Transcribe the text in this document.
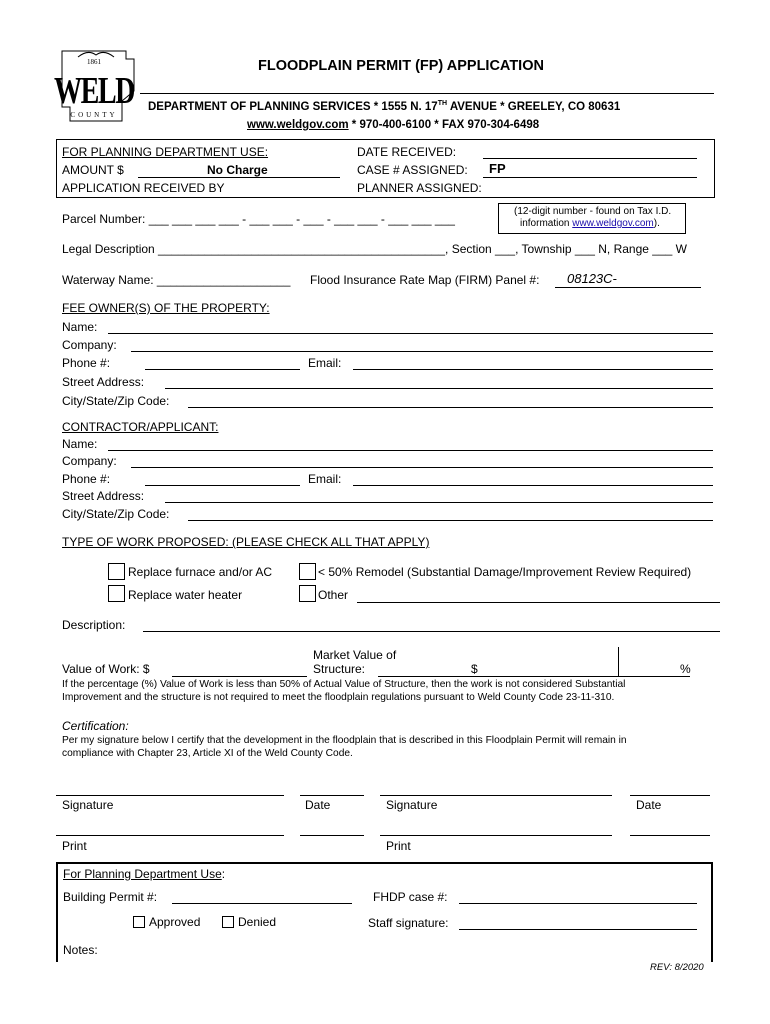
1861
WELD
COUNTY
FLOODPLAIN PERMIT (FP) APPLICATION
DEPARTMENT OF PLANNING SERVICES * 1555 N. 17TH AVENUE * GREELEY, CO 80631
www.weldgov.com * 970-400-6100 * FAX 970-304-6498
FOR PLANNING DEPARTMENT USE:
AMOUNT $	No Charge
APPLICATION RECEIVED BY
DATE RECEIVED:
CASE # ASSIGNED: FP
PLANNER ASSIGNED:
Parcel Number: ___ ___ ___ ___ - ___ ___ - ___ - ___ ___ - ___ ___ ___
(12-digit number - found on Tax I.D.
information www.weldgov.com).
Legal Description ___________________________________________, Section ___, Township ___ N, Range ___ W
Waterway Name: ____________________ Flood Insurance Rate Map (FIRM) Panel #: 08123C-
FEE OWNER(S) OF THE PROPERTY:
Name:
Company:
Phone #:	Email:
Street Address:
City/State/Zip Code:
CONTRACTOR/APPLICANT:
Name:
Company:
Phone #:	Email:
Street Address:
City/State/Zip Code:
TYPE OF WORK PROPOSED: (PLEASE CHECK ALL THAT APPLY)
Replace furnace and/or AC
Replace water heater
< 50% Remodel (Substantial Damage/Improvement Review Required)
Other
Description:
Value of Work: $
Market Value of
Structure:	$	%
If the percentage (%) Value of Work is less than 50% of Actual Value of Structure, then the work is not considered Substantial
Improvement and the structure is not required to meet the floodplain regulations pursuant to Weld County Code 23-11-310.
Certification:
Per my signature below I certify that the development in the floodplain that is described in this Floodplain Permit will remain in
compliance with Chapter 23, Article XI of the Weld County Code.
Signature	Date	Signature	Date
Print	Print
For Planning Department Use:
Building Permit #:	FHDP case #:
Approved	Denied	Staff signature:
Notes:
REV: 8/2020
